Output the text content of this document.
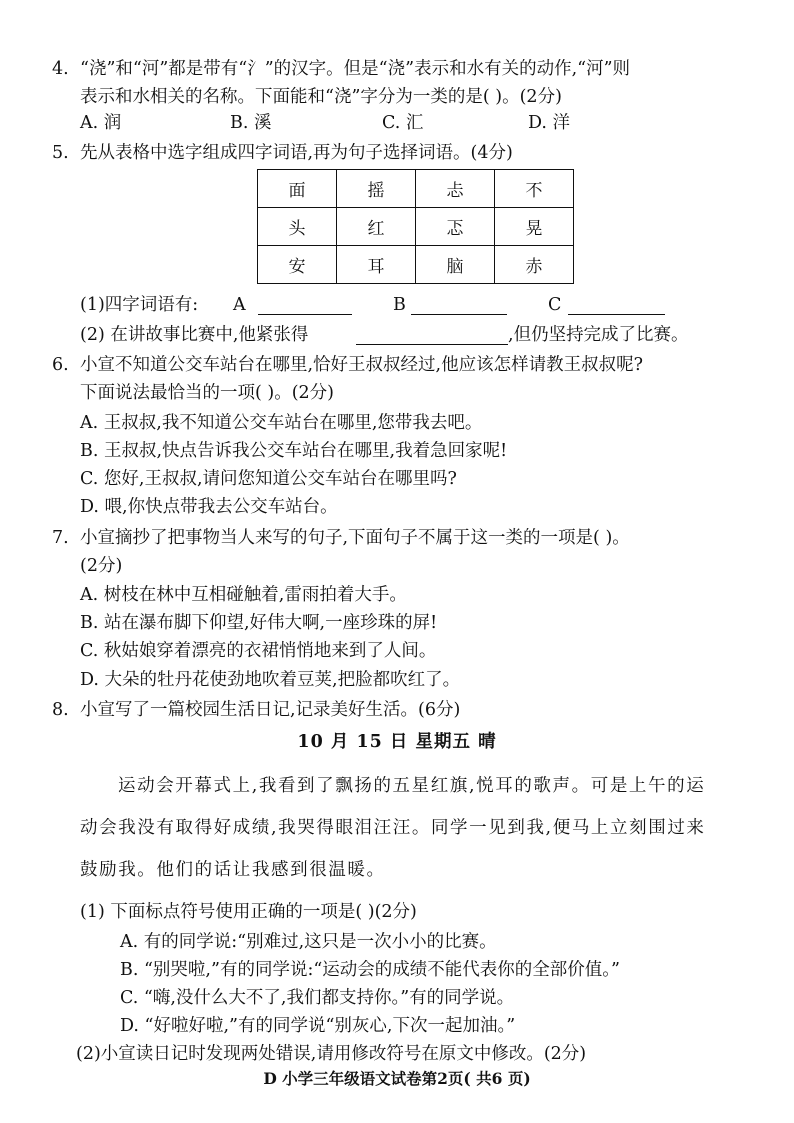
4. “浇”和“河”都是带有“氵”的汉字。但是“浇”表示和水有关的动作,“河”则
表示和水相关的名称。下面能和“浇”字分为一类的是( )。(2分)
A. 润	B. 溪	C. 汇	D. 洋
5. 先从表格中选字组成四字词语,再为句子选择词语。(4分)
面	摇	忐	不
头	红	忑	晃
安	耳	脑	赤
(1)四字词语有: A	B	C
(2) 在讲故事比赛中,他紧张得	,但仍坚持完成了比赛。
6. 小宣不知道公交车站台在哪里,恰好王叔叔经过,他应该怎样请教王叔叔呢?
下面说法最恰当的一项( )。(2分)
A. 王叔叔,我不知道公交车站台在哪里,您带我去吧。
B. 王叔叔,快点告诉我公交车站台在哪里,我着急回家呢!
C. 您好,王叔叔,请问您知道公交车站台在哪里吗?
D. 喂,你快点带我去公交车站台。
7. 小宣摘抄了把事物当人来写的句子,下面句子不属于这一类的一项是( )。
(2分)
A. 树枝在林中互相碰触着,雷雨拍着大手。
B. 站在瀑布脚下仰望,好伟大啊,一座珍珠的屏!
C. 秋姑娘穿着漂亮的衣裙悄悄地来到了人间。
D. 大朵的牡丹花使劲地吹着豆荚,把脸都吹红了。
8. 小宣写了一篇校园生活日记,记录美好生活。(6分)
10 月 15 日 星期五 晴
运动会开幕式上,我看到了飘扬的五星红旗,悦耳的歌声。可是上午的运
动会我没有取得好成绩,我哭得眼泪汪汪。同学一见到我,便马上立刻围过来
鼓励我。他们的话让我感到很温暖。
(1) 下面标点符号使用正确的一项是( )(2分)
A. 有的同学说:“别难过,这只是一次小小的比赛。
B. “别哭啦,”有的同学说:“运动会的成绩不能代表你的全部价值。”
C. “嗨,没什么大不了,我们都支持你。”有的同学说。
D. “好啦好啦,”有的同学说“别灰心,下次一起加油。”
(2)小宣读日记时发现两处错误,请用修改符号在原文中修改。(2分)
D 小学三年级语文试卷第2页( 共6 页)
